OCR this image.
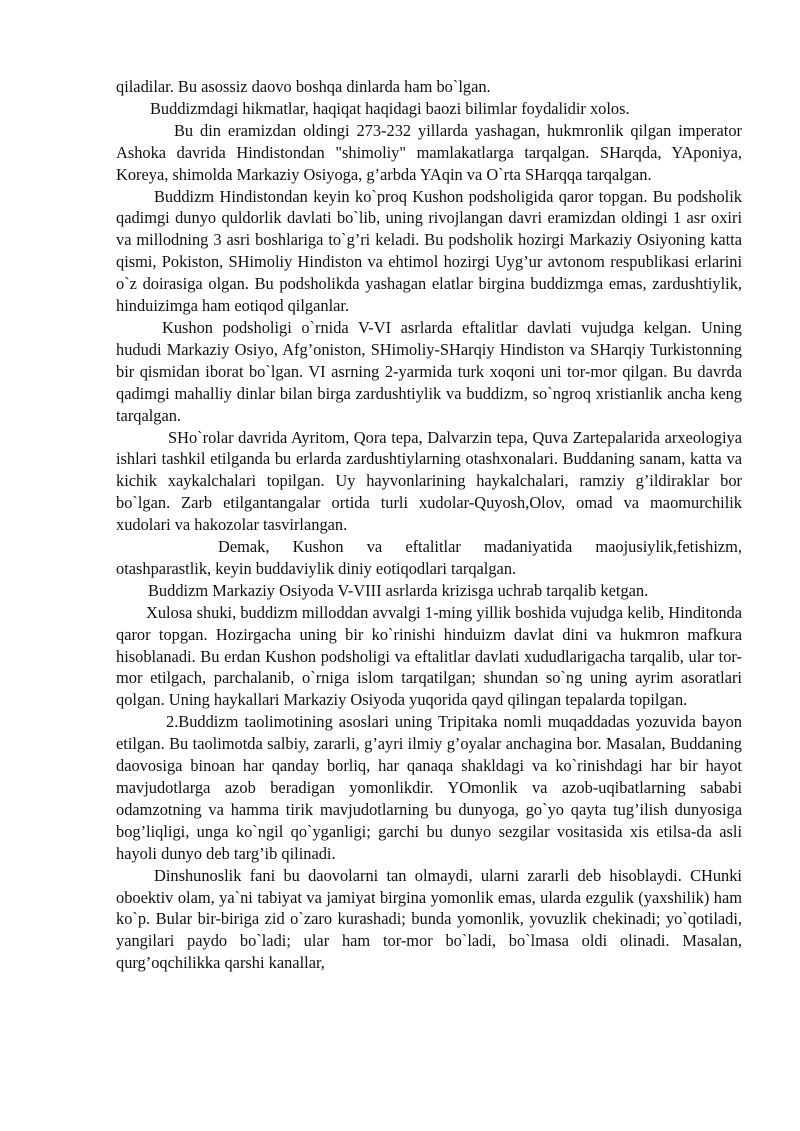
qiladilar. Bu asossiz daovo boshqa dinlarda ham bo`lgan.

Buddizmdagi hikmatlar, haqiqat haqidagi baozi bilimlar foydalidir xolos.

Bu din eramizdan oldingi 273-232 yillarda yashagan, hukmronlik qilgan imperator Ashoka davrida Hindistondan "shimoliy" mamlakatlarga tarqalgan. SHarqda, YAponiya, Koreya, shimolda Markaziy Osiyoga, g’arbda YAqin va O`rta SHarqqa tarqalgan.

Buddizm Hindistondan keyin ko`proq Kushon podsholigida qaror topgan. Bu podsholik qadimgi dunyo quldorlik davlati bo`lib, uning rivojlangan davri eramizdan oldingi 1 asr oxiri va millodning 3 asri boshlariga to`g’ri keladi. Bu podsholik hozirgi Markaziy Osiyoning katta qismi, Pokiston, SHimoliy Hindiston va ehtimol hozirgi Uyg’ur avtonom respublikasi erlarini o`z doirasiga olgan. Bu podsholikda yashagan elatlar birgina buddizmga emas, zardushtiylik, hinduizimga ham eotiqod qilganlar.

Kushon podsholigi o`rnida V-VI asrlarda eftalitlar davlati vujudga kelgan. Uning hududi Markaziy Osiyo, Afg’oniston, SHimoliy-SHarqiy Hindiston va SHarqiy Turkistonning bir qismidan iborat bo`lgan. VI asrning 2-yarmida turk xoqoni uni tor-mor qilgan. Bu davrda qadimgi mahalliy dinlar bilan birga zardushtiylik va buddizm, so`ngroq xristianlik ancha keng tarqalgan.

SHo`rolar davrida Ayritom, Qora tepa, Dalvarzin tepa, Quva Zartepalarida arxeologiya ishlari tashkil etilganda bu erlarda zardushtiylarning otashxonalari. Buddaning sanam, katta va kichik xaykalchalari topilgan. Uy hayvonlarining haykalchalari, ramziy g’ildiraklar bor bo`lgan. Zarb etilgantangalar ortida turli xudolar-Quyosh,Olov, omad va maomurchilik xudolari va hakozolar tasvirlangan.

Demak, Kushon va eftalitlar madaniyatida maojusiylik,fetishizm, otashparastlik, keyin buddaviylik diniy eotiqodlari tarqalgan.

Buddizm Markaziy Osiyoda V-VIII asrlarda krizisga uchrab tarqalib ketgan.

Xulosa shuki, buddizm milloddan avvalgi 1-ming yillik boshida vujudga kelib, Hinditonda qaror topgan. Hozirgacha uning bir ko`rinishi hinduizm davlat dini va hukmron mafkura hisoblanadi. Bu erdan Kushon podsholigi va eftalitlar davlati xududlarigacha tarqalib, ular tor-mor etilgach, parchalanib, o`rniga islom tarqatilgan; shundan so`ng uning ayrim asoratlari qolgan. Uning haykallari Markaziy Osiyoda yuqorida qayd qilingan tepalarda topilgan.

2.Buddizm taolimotining asoslari uning Tripitaka nomli muqaddadas yozuvida bayon etilgan. Bu taolimotda salbiy, zararli, g’ayri ilmiy g’oyalar anchagina bor. Masalan, Buddaning daovosiga binoan har qanday borliq, har qanaqa shakldagi va ko`rinishdagi har bir hayot mavjudotlarga azob beradigan yomonlikdir. YOmonlik va azob-uqibatlarning sababi odamzotning va hamma tirik mavjudotlarning bu dunyoga, go`yo qayta tug’ilish dunyosiga bog’liqligi, unga ko`ngil qo`yganligi; garchi bu dunyo sezgilar vositasida xis etilsa-da asli hayoli dunyo deb targ’ib qilinadi.

Dinshunoslik fani bu daovolarni tan olmaydi, ularni zararli deb hisoblaydi. CHunki oboektiv olam, ya`ni tabiyat va jamiyat birgina yomonlik emas, ularda ezgulik (yaxshilik) ham ko`p. Bular bir-biriga zid o`zaro kurashadi; bunda yomonlik, yovuzlik chekinadi; yo`qotiladi, yangilari paydo bo`ladi; ular ham tor-mor bo`ladi, bo`lmasa oldi olinadi. Masalan, qurg’oqchilikka qarshi kanallar,
